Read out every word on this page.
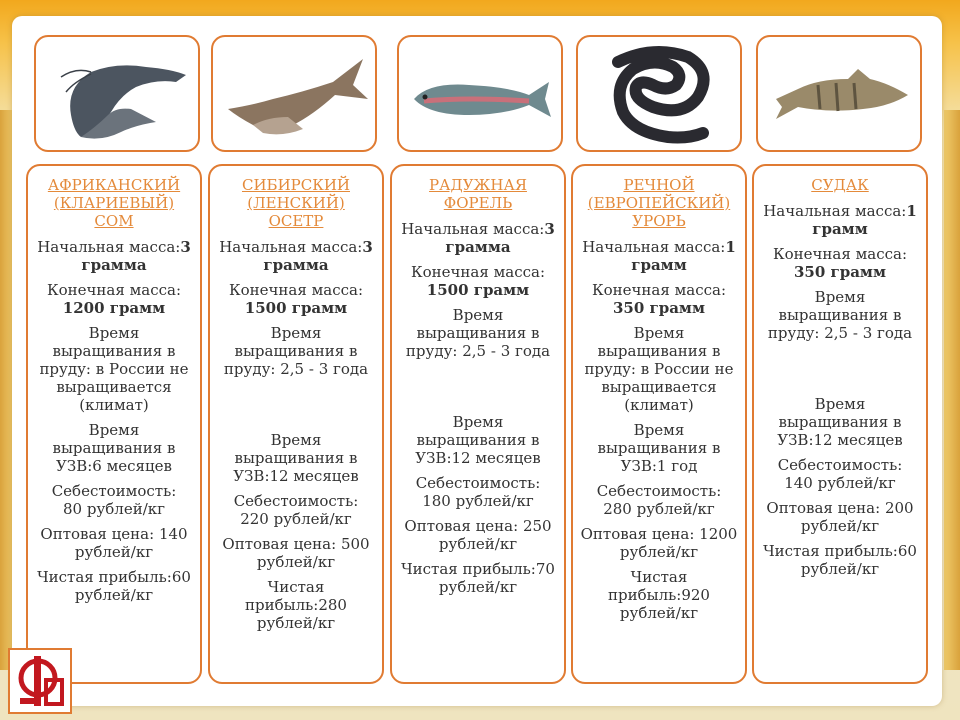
АФРИКАНСКИЙ
(КЛАРИЕВЫЙ)
СОМ
Начальная масса:3 грамма
Конечная масса:
1200 грамм
Время выращивания в пруду: в России не выращивается (климат)
Время выращивания в УЗВ:6 месяцев
Себестоимость:
80 рублей/кг
Оптовая цена: 140 рублей/кг
Чистая прибыль:60 рублей/кг
СИБИРСКИЙ
(ЛЕНСКИЙ)
ОСЕТР
Начальная масса:3 грамма
Конечная масса:
1500 грамм
Время выращивания в пруду: 2,5 - 3 года
Время выращивания в УЗВ:12 месяцев
Себестоимость:
220 рублей/кг
Оптовая цена: 500 рублей/кг
Чистая прибыль:280 рублей/кг
РАДУЖНАЯ
ФОРЕЛЬ
Начальная масса:3 грамма
Конечная масса:
1500 грамм
Время выращивания в пруду: 2,5 - 3 года
Время выращивания в УЗВ:12 месяцев
Себестоимость:
180 рублей/кг
Оптовая цена: 250 рублей/кг
Чистая прибыль:70 рублей/кг
РЕЧНОЙ
(ЕВРОПЕЙСКИЙ)
УРОРЬ
Начальная масса:1 грамм
Конечная масса:
350 грамм
Время выращивания в пруду: в России не выращивается (климат)
Время выращивания в УЗВ:1 год
Себестоимость:
280 рублей/кг
Оптовая цена: 1200 рублей/кг
Чистая прибыль:920 рублей/кг
СУДАК
Начальная масса:1 грамм
Конечная масса:
350 грамм
Время выращивания в пруду: 2,5 - 3 года
Время выращивания в УЗВ:12 месяцев
Себестоимость:
140 рублей/кг
Оптовая цена: 200 рублей/кг
Чистая прибыль:60 рублей/кг
